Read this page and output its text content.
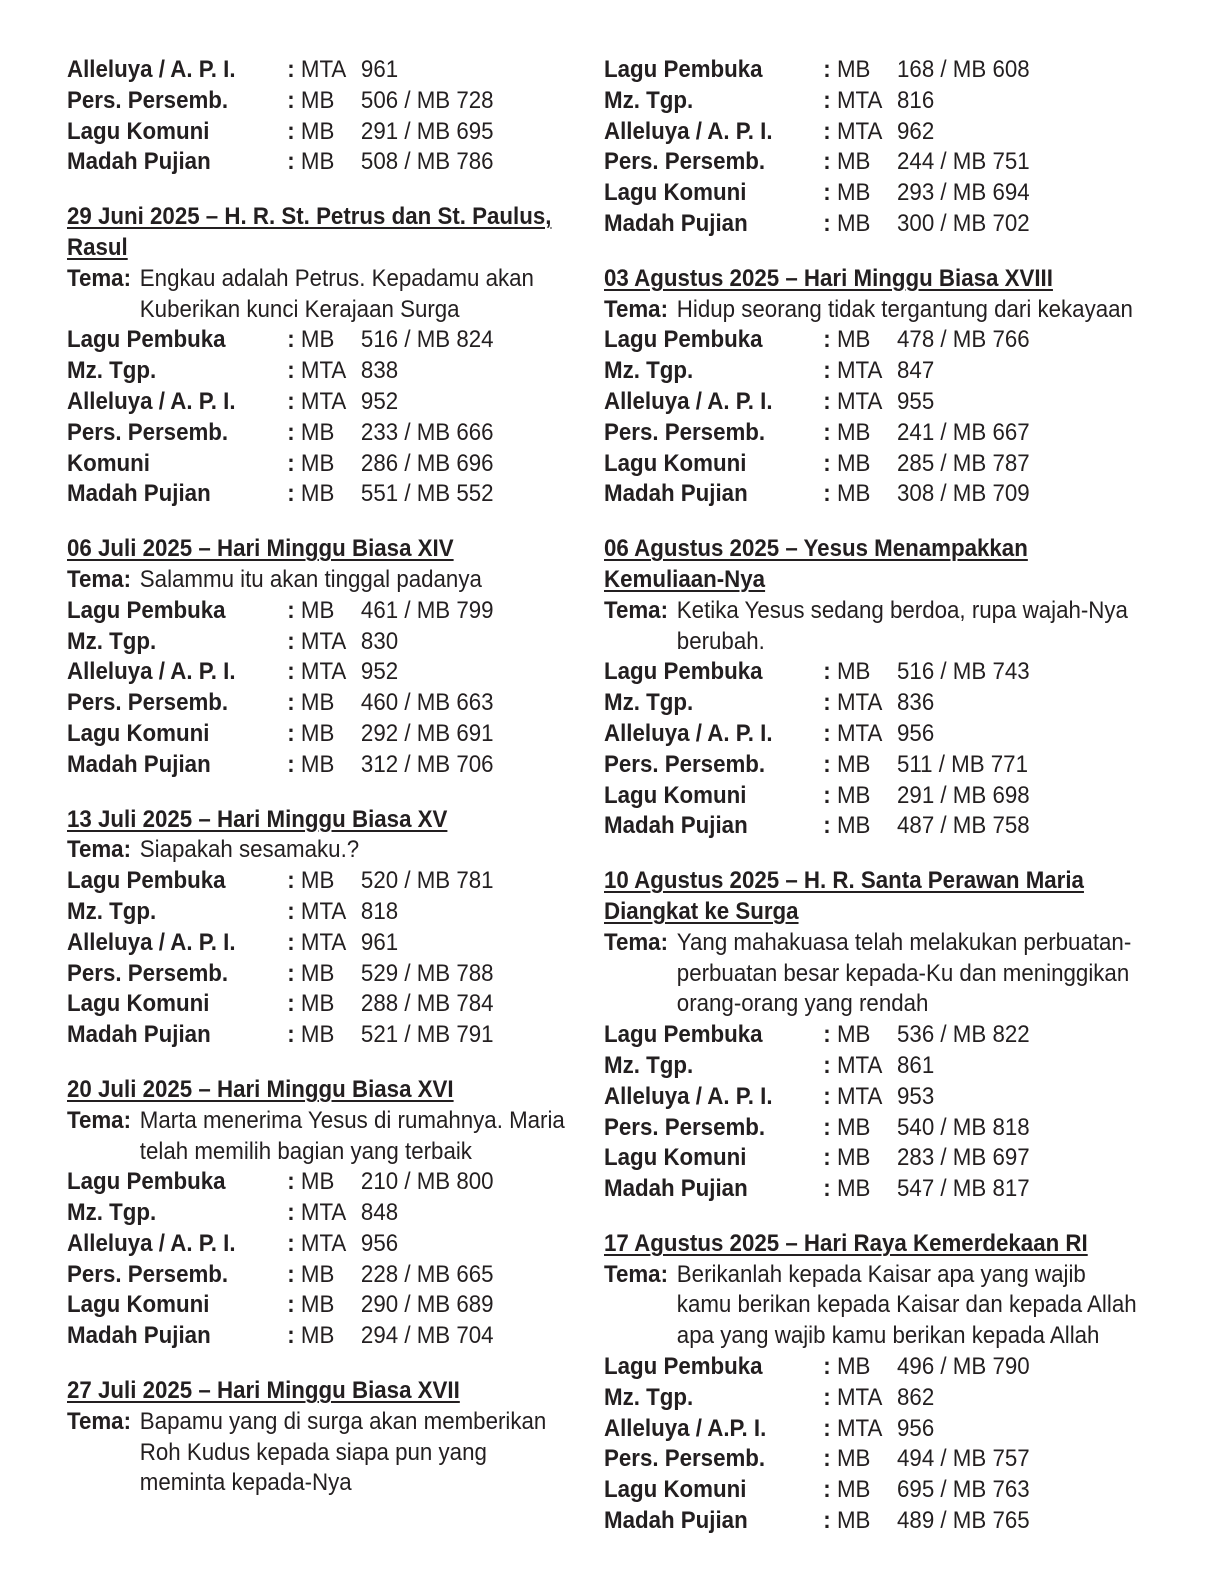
Alleluya / A. P. I. : MTA 961
Pers. Persemb. : MB 506 / MB 728
Lagu Komuni	: MB 291 / MB 695
Madah Pujian	: MB 508 / MB 786
29 Juni 2025 – H. R. St. Petrus dan St. Paulus,
Rasul
Tema: Engkau adalah Petrus. Kepadamu akan
Kuberikan kunci Kerajaan Surga
Lagu Pembuka	: MB 516 / MB 824
Mz. Tgp.	: MTA 838
Alleluya / A. P. I. : MTA 952
Pers. Persemb. : MB 233 / MB 666
Komuni	: MB 286 / MB 696
Madah Pujian	: MB 551 / MB 552
06 Juli 2025 – Hari Minggu Biasa XIV
Tema: Salammu itu akan tinggal padanya
Lagu Pembuka	: MB 461 / MB 799
Mz. Tgp.	: MTA 830
Alleluya / A. P. I. : MTA 952
Pers. Persemb. : MB 460 / MB 663
Lagu Komuni	: MB 292 / MB 691
Madah Pujian	: MB 312 / MB 706
13 Juli 2025 – Hari Minggu Biasa XV
Tema: Siapakah sesamaku.?
Lagu Pembuka	: MB 520 / MB 781
Mz. Tgp.	: MTA 818
Alleluya / A. P. I. : MTA 961
Pers. Persemb. : MB 529 / MB 788
Lagu Komuni	: MB 288 / MB 784
Madah Pujian	: MB 521 / MB 791
20 Juli 2025 – Hari Minggu Biasa XVI
Tema: Marta menerima Yesus di rumahnya. Maria
telah memilih bagian yang terbaik
Lagu Pembuka	: MB 210 / MB 800
Mz. Tgp.	: MTA 848
Alleluya / A. P. I. : MTA 956
Pers. Persemb. : MB 228 / MB 665
Lagu Komuni	: MB 290 / MB 689
Madah Pujian	: MB 294 / MB 704
27 Juli 2025 – Hari Minggu Biasa XVII
Tema: Bapamu yang di surga akan memberikan
Roh Kudus kepada siapa pun yang
meminta kepada-Nya
Lagu Pembuka : MB 168 / MB 608
Mz. Tgp.	: MTA 816
Alleluya / A. P. I. : MTA 962
Pers. Persemb. : MB 244 / MB 751
Lagu Komuni	: MB 293 / MB 694
Madah Pujian	: MB 300 / MB 702
03 Agustus 2025 – Hari Minggu Biasa XVIII
Tema: Hidup seorang tidak tergantung dari kekayaan
Lagu Pembuka : MB 478 / MB 766
Mz. Tgp.	: MTA 847
Alleluya / A. P. I. : MTA 955
Pers. Persemb. : MB 241 / MB 667
Lagu Komuni	: MB 285 / MB 787
Madah Pujian	: MB 308 / MB 709
06 Agustus 2025 – Yesus Menampakkan
Kemuliaan-Nya
Tema: Ketika Yesus sedang berdoa, rupa wajah-Nya
berubah.
Lagu Pembuka : MB 516 / MB 743
Mz. Tgp.	: MTA 836
Alleluya / A. P. I. : MTA 956
Pers. Persemb. : MB 511 / MB 771
Lagu Komuni	: MB 291 / MB 698
Madah Pujian	: MB 487 / MB 758
10 Agustus 2025 – H. R. Santa Perawan Maria
Diangkat ke Surga
Tema: Yang mahakuasa telah melakukan perbuatan-
perbuatan besar kepada-Ku dan meninggikan
orang-orang yang rendah
Lagu Pembuka : MB 536 / MB 822
Mz. Tgp.	: MTA 861
Alleluya / A. P. I. : MTA 953
Pers. Persemb. : MB 540 / MB 818
Lagu Komuni	: MB 283 / MB 697
Madah Pujian	: MB 547 / MB 817
17 Agustus 2025 – Hari Raya Kemerdekaan RI
Tema: Berikanlah kepada Kaisar apa yang wajib
kamu berikan kepada Kaisar dan kepada Allah
apa yang wajib kamu berikan kepada Allah
Lagu Pembuka : MB 496 / MB 790
Mz. Tgp.	: MTA 862
Alleluya / A.P. I. : MTA 956
Pers. Persemb. : MB 494 / MB 757
Lagu Komuni	: MB 695 / MB 763
Madah Pujian	: MB 489 / MB 765
